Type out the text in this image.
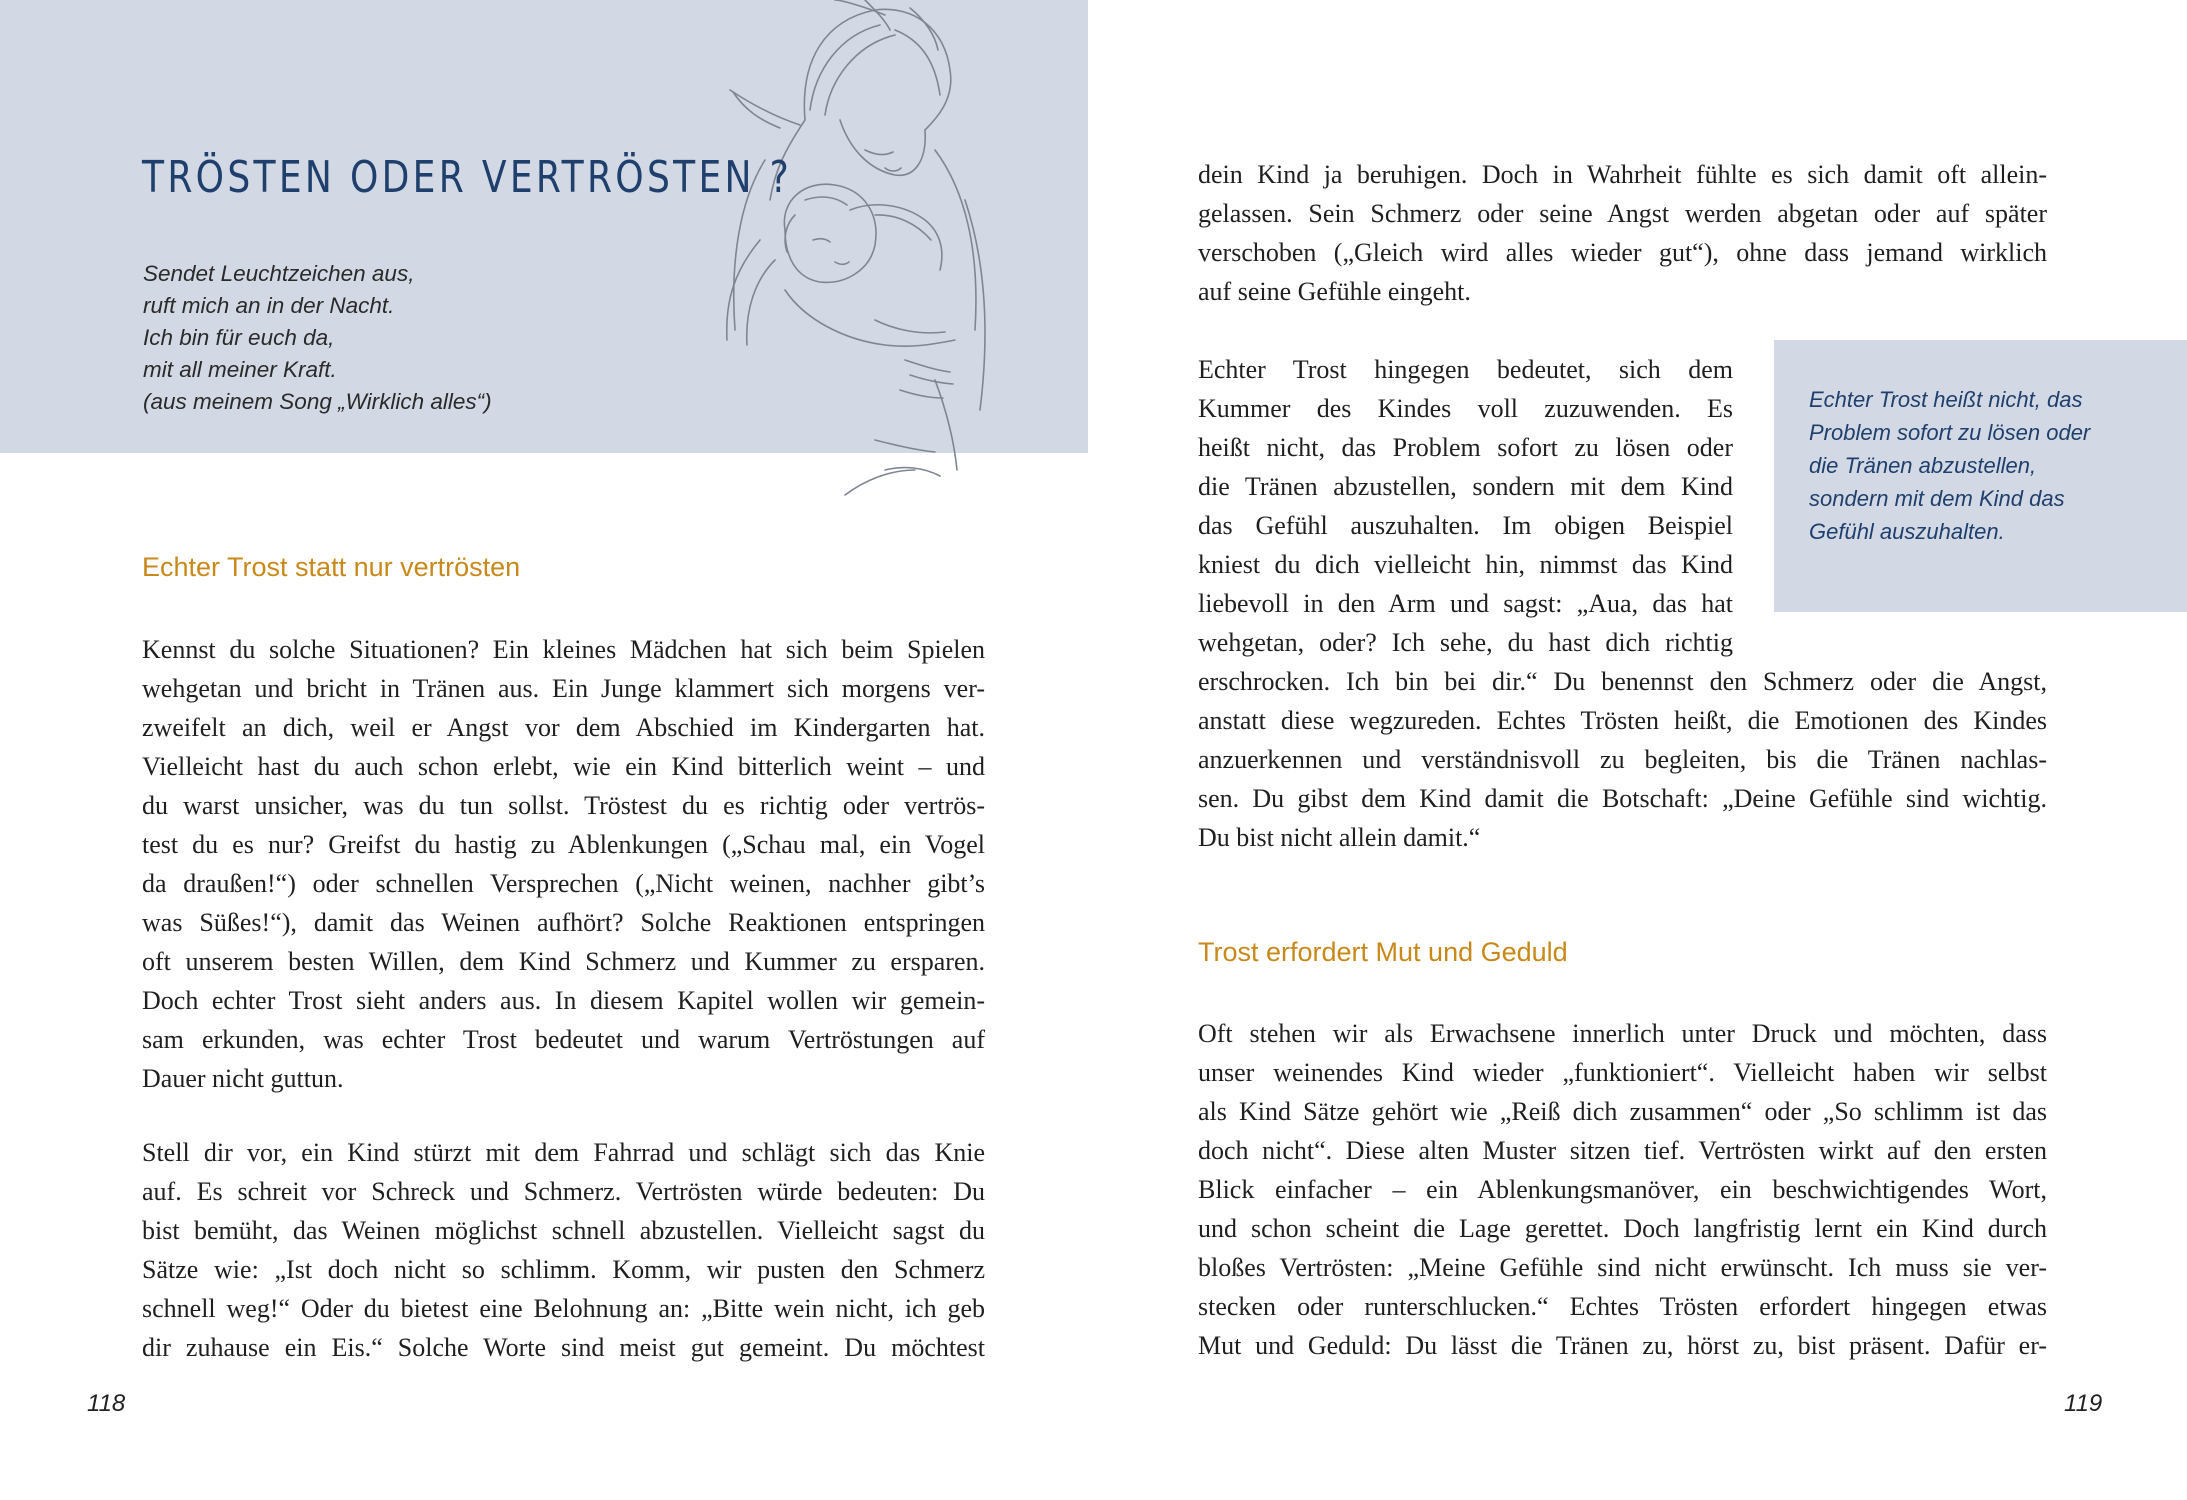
TRÖSTEN ODER VERTRÖSTEN ?
Sendet Leuchtzeichen aus,
ruft mich an in der Nacht.
Ich bin für euch da,
mit all meiner Kraft.
(aus meinem Song „Wirklich alles“)
Echter Trost statt nur vertrösten
Kennst du solche Situationen? Ein kleines Mädchen hat sich beim Spielen
wehgetan und bricht in Tränen aus. Ein Junge klammert sich morgens ver-
zweifelt an dich, weil er Angst vor dem Abschied im Kindergarten hat.
Vielleicht hast du auch schon erlebt, wie ein Kind bitterlich weint – und
du warst unsicher, was du tun sollst. Tröstest du es richtig oder vertrös-
test du es nur? Greifst du hastig zu Ablenkungen („Schau mal, ein Vogel
da draußen!“) oder schnellen Versprechen („Nicht weinen, nachher gibt’s
was Süßes!“), damit das Weinen aufhört? Solche Reaktionen entspringen
oft unserem besten Willen, dem Kind Schmerz und Kummer zu ersparen.
Doch echter Trost sieht anders aus. In diesem Kapitel wollen wir gemein-
sam erkunden, was echter Trost bedeutet und warum Vertröstungen auf
Dauer nicht guttun.
Stell dir vor, ein Kind stürzt mit dem Fahrrad und schlägt sich das Knie
auf. Es schreit vor Schreck und Schmerz. Vertrösten würde bedeuten: Du
bist bemüht, das Weinen möglichst schnell abzustellen. Vielleicht sagst du
Sätze wie: „Ist doch nicht so schlimm. Komm, wir pusten den Schmerz
schnell weg!“ Oder du bietest eine Belohnung an: „Bitte wein nicht, ich geb
dir zuhause ein Eis.“ Solche Worte sind meist gut gemeint. Du möchtest

118

dein Kind ja beruhigen. Doch in Wahrheit fühlte es sich damit oft allein-
gelassen. Sein Schmerz oder seine Angst werden abgetan oder auf später
verschoben („Gleich wird alles wieder gut“), ohne dass jemand wirklich
auf seine Gefühle eingeht.
Echter Trost hingegen bedeutet, sich dem
Kummer des Kindes voll zuzuwenden. Es
heißt nicht, das Problem sofort zu lösen oder
die Tränen abzustellen, sondern mit dem Kind
das Gefühl auszuhalten. Im obigen Beispiel
kniest du dich vielleicht hin, nimmst das Kind
liebevoll in den Arm und sagst: „Aua, das hat
wehgetan, oder? Ich sehe, du hast dich richtig
erschrocken. Ich bin bei dir.“ Du benennst den Schmerz oder die Angst,
anstatt diese wegzureden. Echtes Trösten heißt, die Emotionen des Kindes
anzuerkennen und verständnisvoll zu begleiten, bis die Tränen nachlas-
sen. Du gibst dem Kind damit die Botschaft: „Deine Gefühle sind wichtig.
Du bist nicht allein damit.“
Echter Trost heißt nicht, das
Problem sofort zu lösen oder
die Tränen abzustellen,
sondern mit dem Kind das
Gefühl auszuhalten.
Trost erfordert Mut und Geduld
Oft stehen wir als Erwachsene innerlich unter Druck und möchten, dass
unser weinendes Kind wieder „funktioniert“. Vielleicht haben wir selbst
als Kind Sätze gehört wie „Reiß dich zusammen“ oder „So schlimm ist das
doch nicht“. Diese alten Muster sitzen tief. Vertrösten wirkt auf den ersten
Blick einfacher – ein Ablenkungsmanöver, ein beschwichtigendes Wort,
und schon scheint die Lage gerettet. Doch langfristig lernt ein Kind durch
bloßes Vertrösten: „Meine Gefühle sind nicht erwünscht. Ich muss sie ver-
stecken oder runterschlucken.“ Echtes Trösten erfordert hingegen etwas
Mut und Geduld: Du lässt die Tränen zu, hörst zu, bist präsent. Dafür er-

119
